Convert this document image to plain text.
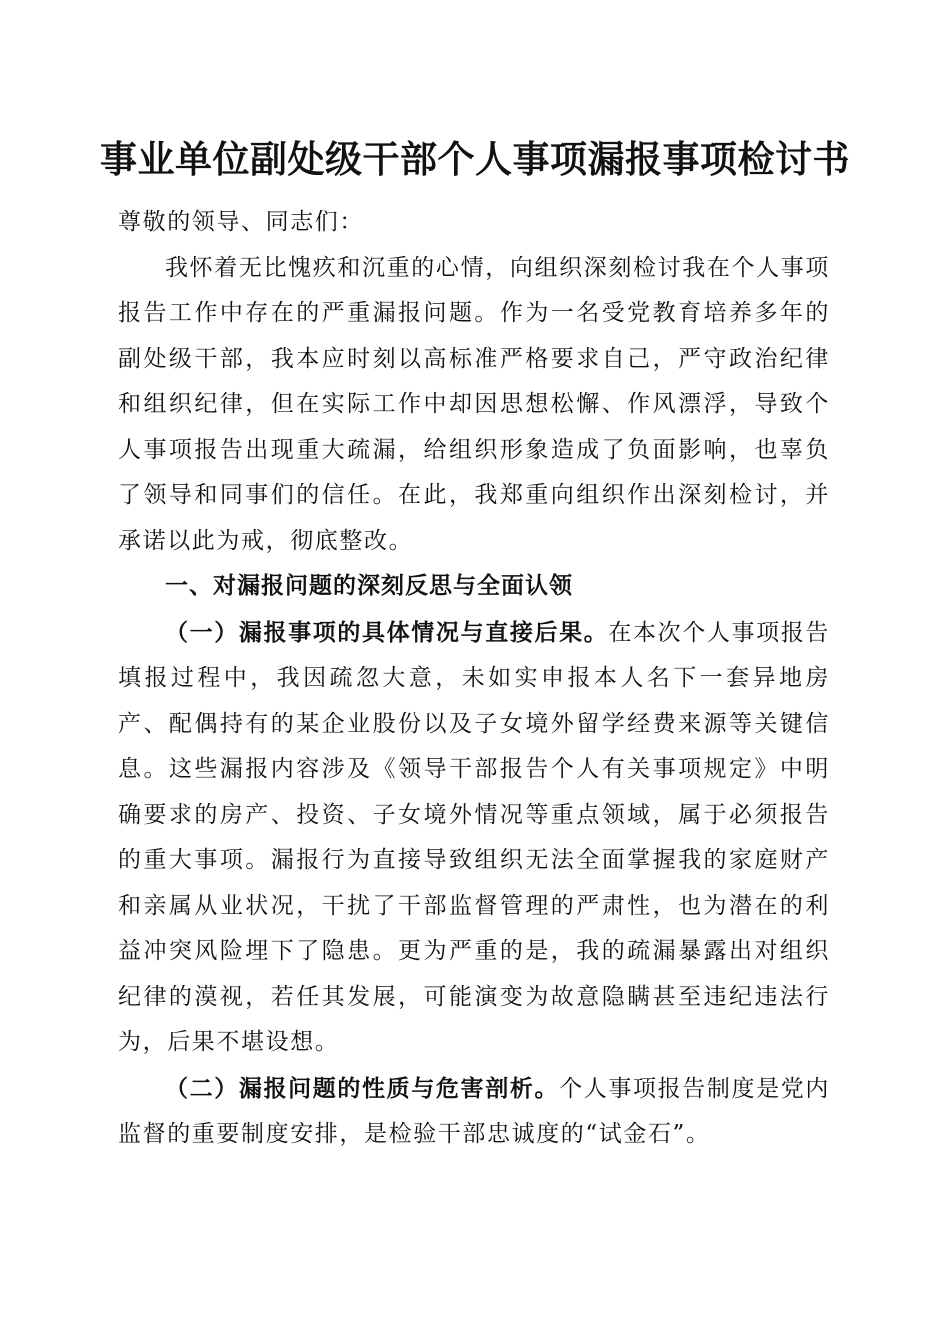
事业单位副处级干部个人事项漏报事项检讨书

尊敬的领导、同志们：

我怀着无比愧疚和沉重的心情，向组织深刻检讨我在个人事项报告工作中存在的严重漏报问题。作为一名受党教育培养多年的副处级干部，我本应时刻以高标准严格要求自己，严守政治纪律和组织纪律，但在实际工作中却因思想松懈、作风漂浮，导致个人事项报告出现重大疏漏，给组织形象造成了负面影响，也辜负了领导和同事们的信任。在此，我郑重向组织作出深刻检讨，并承诺以此为戒，彻底整改。

一、对漏报问题的深刻反思与全面认领

（一）漏报事项的具体情况与直接后果。在本次个人事项报告填报过程中，我因疏忽大意，未如实申报本人名下一套异地房产、配偶持有的某企业股份以及子女境外留学经费来源等关键信息。这些漏报内容涉及《领导干部报告个人有关事项规定》中明确要求的房产、投资、子女境外情况等重点领域，属于必须报告的重大事项。漏报行为直接导致组织无法全面掌握我的家庭财产和亲属从业状况，干扰了干部监督管理的严肃性，也为潜在的利益冲突风险埋下了隐患。更为严重的是，我的疏漏暴露出对组织纪律的漠视，若任其发展，可能演变为故意隐瞒甚至违纪违法行为，后果不堪设想。

（二）漏报问题的性质与危害剖析。个人事项报告制度是党内监督的重要制度安排，是检验干部忠诚度的“试金石”。
